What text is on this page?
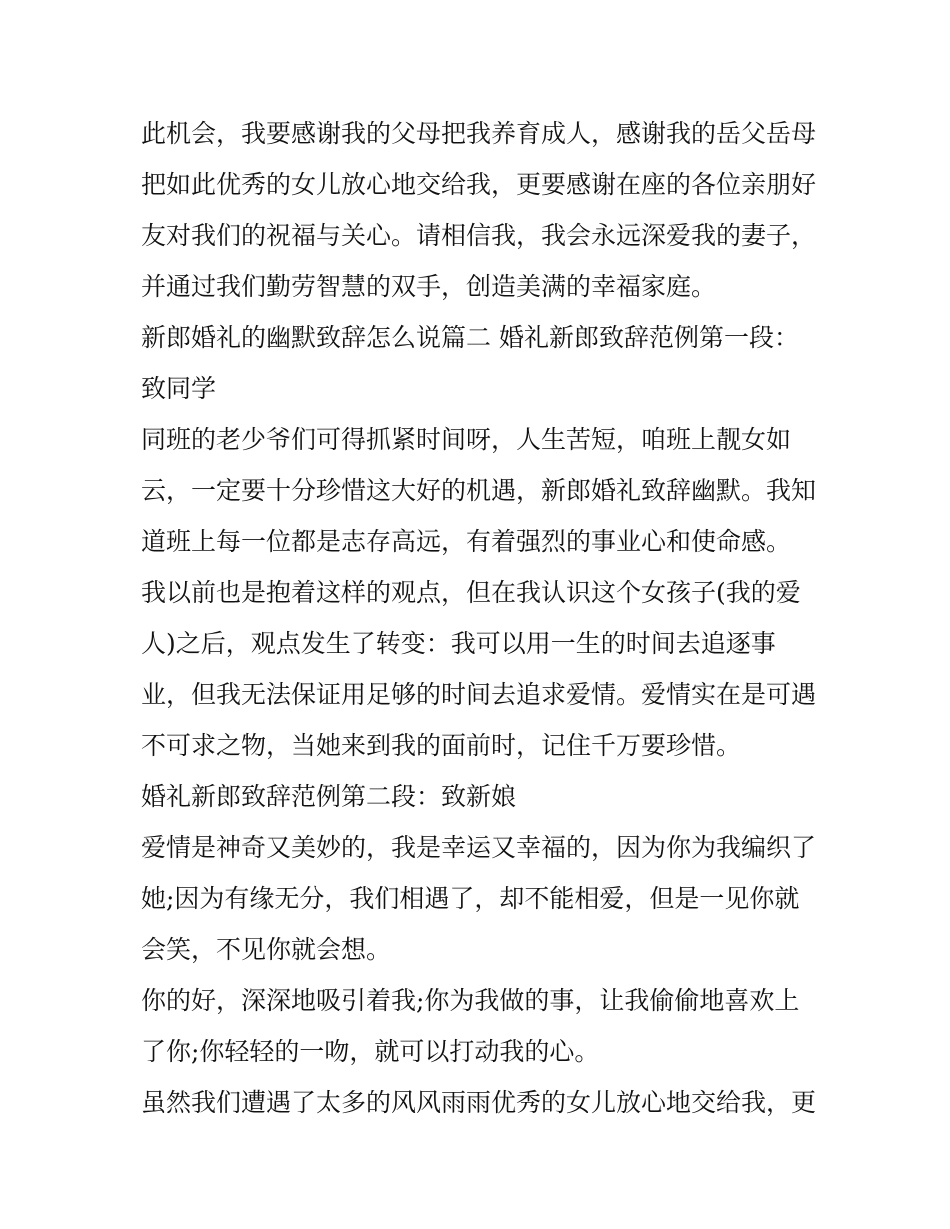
此机会，我要感谢我的父母把我养育成人，感谢我的岳父岳母
把如此优秀的女儿放心地交给我，更要感谢在座的各位亲朋好
友对我们的祝福与关心。请相信我，我会永远深爱我的妻子，
并通过我们勤劳智慧的双手，创造美满的幸福家庭。
新郎婚礼的幽默致辞怎么说篇二 婚礼新郎致辞范例第一段：
致同学
同班的老少爷们可得抓紧时间呀，人生苦短，咱班上靓女如
云，一定要十分珍惜这大好的机遇，新郎婚礼致辞幽默。我知
道班上每一位都是志存高远，有着强烈的事业心和使命感。
我以前也是抱着这样的观点，但在我认识这个女孩子(我的爱
人)之后，观点发生了转变：我可以用一生的时间去追逐事
业，但我无法保证用足够的时间去追求爱情。爱情实在是可遇
不可求之物，当她来到我的面前时，记住千万要珍惜。
婚礼新郎致辞范例第二段：致新娘
爱情是神奇又美妙的，我是幸运又幸福的，因为你为我编织了
她;因为有缘无分，我们相遇了，却不能相爱，但是一见你就
会笑，不见你就会想。
你的好，深深地吸引着我;你为我做的事，让我偷偷地喜欢上
了你;你轻轻的一吻，就可以打动我的心。
虽然我们遭遇了太多的风风雨雨优秀的女儿放心地交给我，更
